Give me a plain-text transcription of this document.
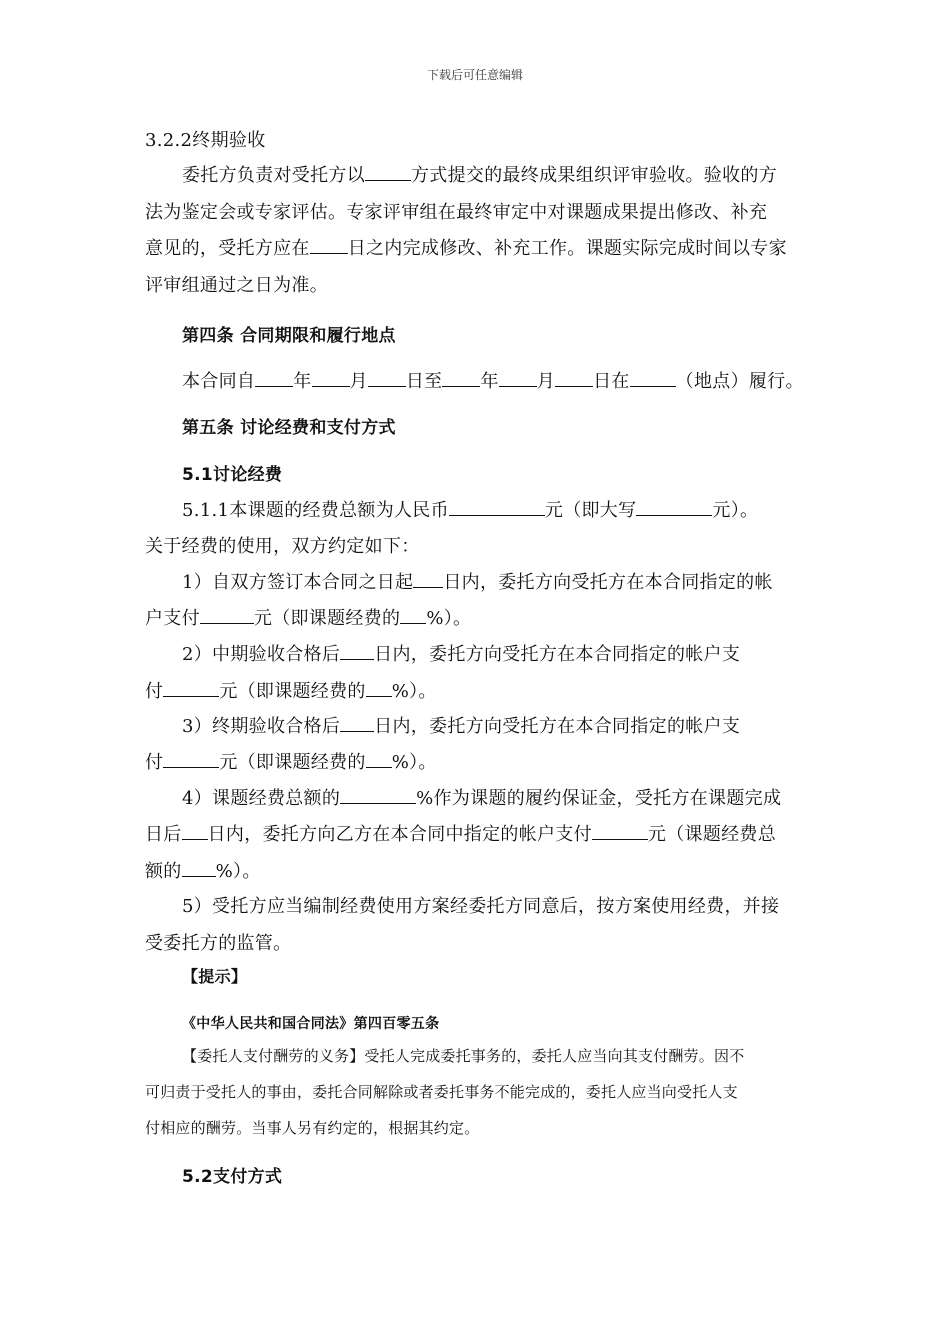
下载后可任意编辑
3.2.2终期验收
委托方负责对受托方以	方式提交的最终成果组织评审验收。验收的方
法为鉴定会或专家评估。专家评审组在最终审定中对课题成果提出修改、补充
意见的，受托方应在 日之内完成修改、补充工作。课题实际完成时间以专家
评审组通过之日为准。
第四条 合同期限和履行地点
本合同自 年 月 日至 年 月 日在	（地点）履行。
第五条 讨论经费和支付方式
5.1讨论经费
5.1.1本课题的经费总额为人民币	元（即大写	元）。
关于经费的使用，双方约定如下：
1）自双方签订本合同之日起 日内，委托方向受托方在本合同指定的帐
户支付	元（即课题经费的 %）。
2）中期验收合格后 日内，委托方向受托方在本合同指定的帐户支
付	元（即课题经费的 %）。
3）终期验收合格后 日内，委托方向受托方在本合同指定的帐户支
付	元（即课题经费的 %）。
4）课题经费总额的	%作为课题的履约保证金，受托方在课题完成
日后 日内，委托方向乙方在本合同中指定的帐户支付	元（课题经费总
额的 %）。
5）受托方应当编制经费使用方案经委托方同意后，按方案使用经费，并接
受委托方的监管。
【提示】
《中华人民共和国合同法》第四百零五条
【委托人支付酬劳的义务】受托人完成委托事务的，委托人应当向其支付酬劳。因不
可归责于受托人的事由，委托合同解除或者委托事务不能完成的，委托人应当向受托人支
付相应的酬劳。当事人另有约定的，根据其约定。
5.2支付方式
